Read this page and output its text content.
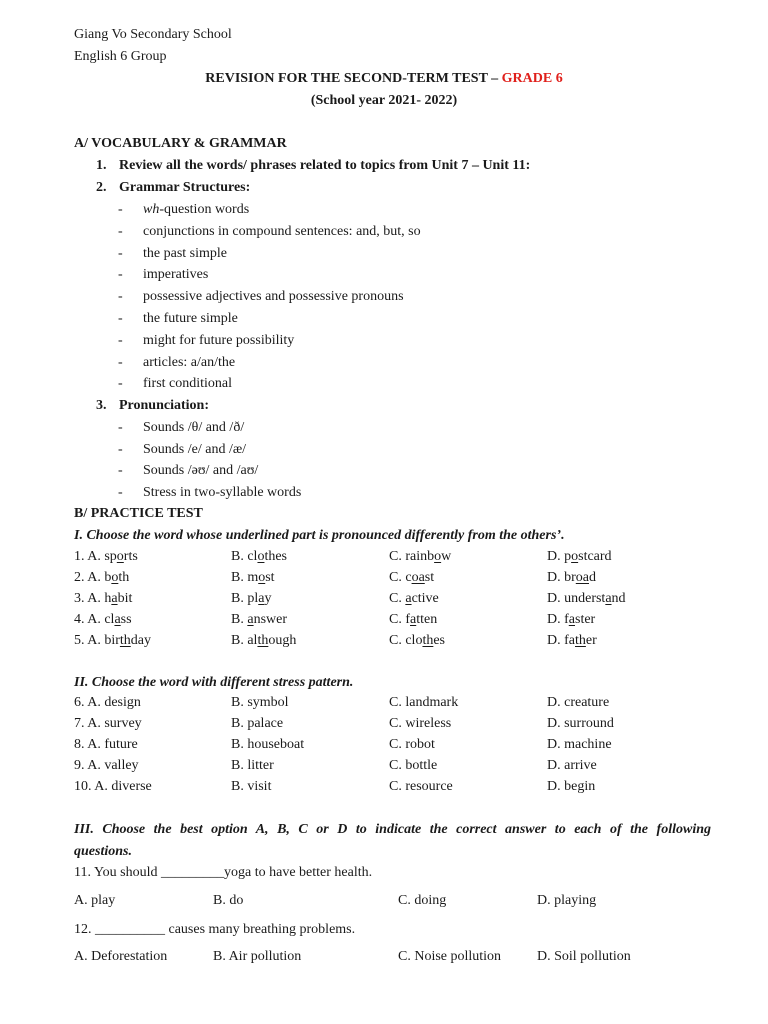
Giang Vo Secondary School
English 6 Group
REVISION FOR THE SECOND-TERM TEST – GRADE 6
(School year 2021- 2022)
A/ VOCABULARY & GRAMMAR
1. Review all the words/ phrases related to topics from Unit 7 – Unit 11:
2. Grammar Structures:
- wh-question words
- conjunctions in compound sentences: and, but, so
- the past simple
- imperatives
- possessive adjectives and possessive pronouns
- the future simple
- might for future possibility
- articles: a/an/the
- first conditional
3. Pronunciation:
- Sounds /θ/ and /ð/
- Sounds /e/ and /æ/
- Sounds /əʊ/ and /aʊ/
- Stress in two-syllable words
B/ PRACTICE TEST
I. Choose the word whose underlined part is pronounced differently from the others’.
1. A. sports	B. clothes	C. rainbow	D. postcard
2. A. both	B. most	C. coast	D. broad
3. A. habit	B. play	C. active	D. understand
4. A. class	B. answer	C. fatten	D. faster
5. A. birthday	B. although	C. clothes	D. father
II. Choose the word with different stress pattern.
6. A. design	B. symbol	C. landmark	D. creature
7. A. survey	B. palace	C. wireless	D. surround
8. A. future	B. houseboat	C. robot	D. machine
9. A. valley	B. litter	C. bottle	D. arrive
10. A. diverse	B. visit	C. resource	D. begin
III. Choose the best option A, B, C or D to indicate the correct answer to each of the following
questions.
11. You should _________yoga to have better health.
A. play	B. do	C. doing	D. playing
12. __________ causes many breathing problems.
A. Deforestation	B. Air pollution	C. Noise pollution	D. Soil pollution
